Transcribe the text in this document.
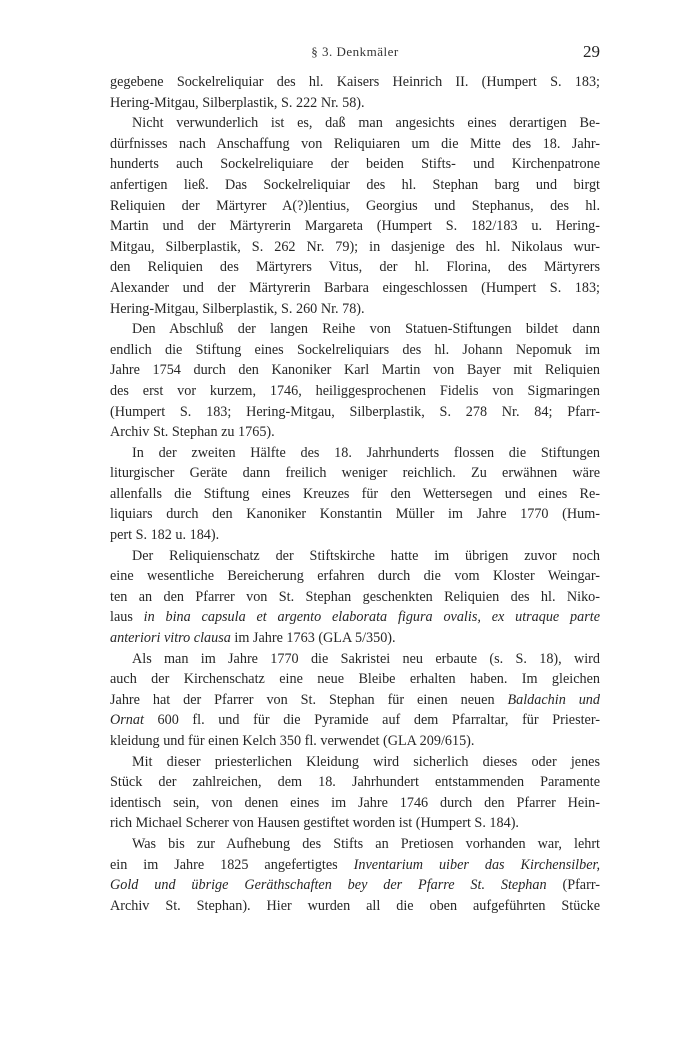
§ 3. Denkmäler	29
gegebene Sockelreliquiar des hl. Kaisers Heinrich II. (Humpert S. 183;
Hering-Mitgau, Silberplastik, S. 222 Nr. 58).
Nicht verwunderlich ist es, daß man angesichts eines derartigen Be-
dürfnisses nach Anschaffung von Reliquiaren um die Mitte des 18. Jahr-
hunderts auch Sockelreliquiare der beiden Stifts- und Kirchenpatrone
anfertigen ließ. Das Sockelreliquiar des hl. Stephan barg und birgt
Reliquien der Märtyrer A(?)lentius, Georgius und Stephanus, des hl.
Martin und der Märtyrerin Margareta (Humpert S. 182/183 u. Hering-
Mitgau, Silberplastik, S. 262 Nr. 79); in dasjenige des hl. Nikolaus wur-
den Reliquien des Märtyrers Vitus, der hl. Florina, des Märtyrers
Alexander und der Märtyrerin Barbara eingeschlossen (Humpert S. 183;
Hering-Mitgau, Silberplastik, S. 260 Nr. 78).
Den Abschluß der langen Reihe von Statuen-Stiftungen bildet dann
endlich die Stiftung eines Sockelreliquiars des hl. Johann Nepomuk im
Jahre 1754 durch den Kanoniker Karl Martin von Bayer mit Reliquien
des erst vor kurzem, 1746, heiliggesprochenen Fidelis von Sigmaringen
(Humpert S. 183; Hering-Mitgau, Silberplastik, S. 278 Nr. 84; Pfarr-
Archiv St. Stephan zu 1765).
In der zweiten Hälfte des 18. Jahrhunderts flossen die Stiftungen
liturgischer Geräte dann freilich weniger reichlich. Zu erwähnen wäre
allenfalls die Stiftung eines Kreuzes für den Wettersegen und eines Re-
liquiars durch den Kanoniker Konstantin Müller im Jahre 1770 (Hum-
pert S. 182 u. 184).
Der Reliquienschatz der Stiftskirche hatte im übrigen zuvor noch
eine wesentliche Bereicherung erfahren durch die vom Kloster Weingar-
ten an den Pfarrer von St. Stephan geschenkten Reliquien des hl. Niko-
laus in bina capsula et argento elaborata figura ovalis, ex utraque parte
anteriori vitro clausa im Jahre 1763 (GLA 5/350).
Als man im Jahre 1770 die Sakristei neu erbaute (s. S. 18), wird
auch der Kirchenschatz eine neue Bleibe erhalten haben. Im gleichen
Jahre hat der Pfarrer von St. Stephan für einen neuen Baldachin und
Ornat 600 fl. und für die Pyramide auf dem Pfarraltar, für Priester-
kleidung und für einen Kelch 350 fl. verwendet (GLA 209/615).
Mit dieser priesterlichen Kleidung wird sicherlich dieses oder jenes
Stück der zahlreichen, dem 18. Jahrhundert entstammenden Paramente
identisch sein, von denen eines im Jahre 1746 durch den Pfarrer Hein-
rich Michael Scherer von Hausen gestiftet worden ist (Humpert S. 184).
Was bis zur Aufhebung des Stifts an Pretiosen vorhanden war, lehrt
ein im Jahre 1825 angefertigtes Inventarium uiber das Kirchensilber,
Gold und übrige Geräthschaften bey der Pfarre St. Stephan (Pfarr-
Archiv St. Stephan). Hier wurden all die oben aufgeführten Stücke
